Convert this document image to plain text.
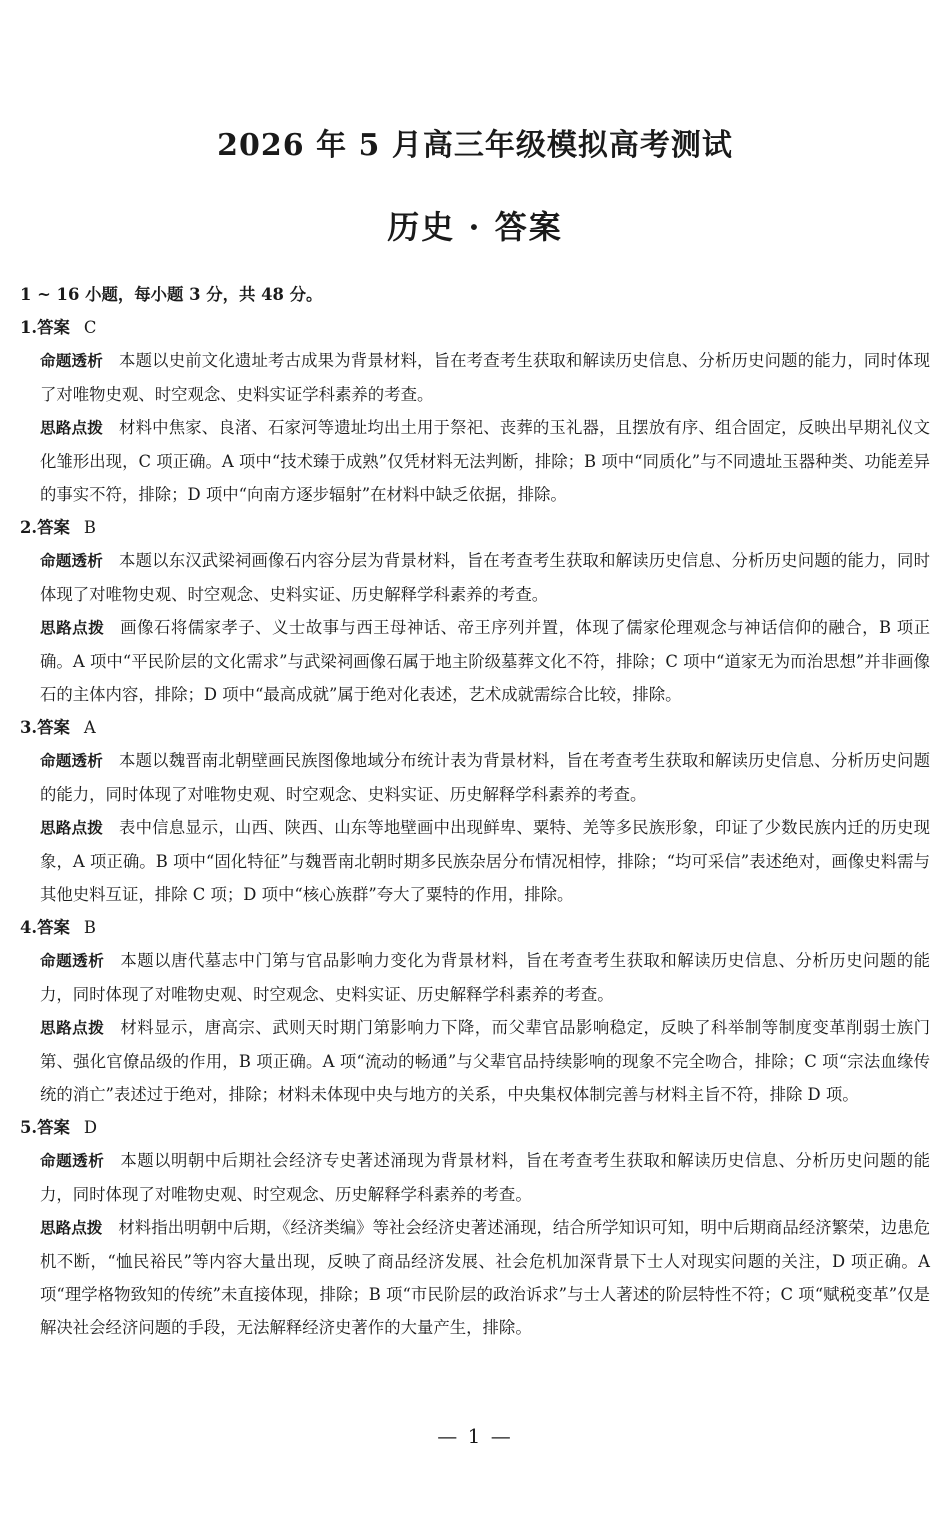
2026 年 5 月高三年级模拟高考测试
历史 · 答案

1 ~ 16 小题，每小题 3 分，共 48 分。

1.答案 C

命题透析 本题以史前文化遗址考古成果为背景材料，旨在考查考生获取和解读历史信息、分析历史问题的能力，同时体现了对唯物史观、时空观念、史料实证学科素养的考查。

思路点拨 材料中焦家、良渚、石家河等遗址均出土用于祭祀、丧葬的玉礼器，且摆放有序、组合固定，反映出早期礼仪文化雏形出现，C 项正确。A 项中“技术臻于成熟”仅凭材料无法判断，排除；B 项中“同质化”与不同遗址玉器种类、功能差异的事实不符，排除；D 项中“向南方逐步辐射”在材料中缺乏依据，排除。

2.答案 B

命题透析 本题以东汉武梁祠画像石内容分层为背景材料，旨在考查考生获取和解读历史信息、分析历史问题的能力，同时体现了对唯物史观、时空观念、史料实证、历史解释学科素养的考查。

思路点拨 画像石将儒家孝子、义士故事与西王母神话、帝王序列并置，体现了儒家伦理观念与神话信仰的融合，B 项正确。A 项中“平民阶层的文化需求”与武梁祠画像石属于地主阶级墓葬文化不符，排除；C 项中“道家无为而治思想”并非画像石的主体内容，排除；D 项中“最高成就”属于绝对化表述，艺术成就需综合比较，排除。

3.答案 A

命题透析 本题以魏晋南北朝壁画民族图像地域分布统计表为背景材料，旨在考查考生获取和解读历史信息、分析历史问题的能力，同时体现了对唯物史观、时空观念、史料实证、历史解释学科素养的考查。

思路点拨 表中信息显示，山西、陕西、山东等地壁画中出现鲜卑、粟特、羌等多民族形象，印证了少数民族内迁的历史现象，A 项正确。B 项中“固化特征”与魏晋南北朝时期多民族杂居分布情况相悖，排除；“均可采信”表述绝对，画像史料需与其他史料互证，排除 C 项；D 项中“核心族群”夸大了粟特的作用，排除。

4.答案 B

命题透析 本题以唐代墓志中门第与官品影响力变化为背景材料，旨在考查考生获取和解读历史信息、分析历史问题的能力，同时体现了对唯物史观、时空观念、史料实证、历史解释学科素养的考查。

思路点拨 材料显示，唐高宗、武则天时期门第影响力下降，而父辈官品影响稳定，反映了科举制等制度变革削弱士族门第、强化官僚品级的作用，B 项正确。A 项“流动的畅通”与父辈官品持续影响的现象不完全吻合，排除；C 项“宗法血缘传统的消亡”表述过于绝对，排除；材料未体现中央与地方的关系，中央集权体制完善与材料主旨不符，排除 D 项。

5.答案 D

命题透析 本题以明朝中后期社会经济专史著述涌现为背景材料，旨在考查考生获取和解读历史信息、分析历史问题的能力，同时体现了对唯物史观、时空观念、历史解释学科素养的考查。

思路点拨 材料指出明朝中后期，《经济类编》等社会经济史著述涌现，结合所学知识可知，明中后期商品经济繁荣，边患危机不断，“恤民裕民”等内容大量出现，反映了商品经济发展、社会危机加深背景下士人对现实问题的关注，D 项正确。A 项“理学格物致知的传统”未直接体现，排除；B 项“市民阶层的政治诉求”与士人著述的阶层特性不符；C 项“赋税变革”仅是解决社会经济问题的手段，无法解释经济史著作的大量产生，排除。

— 1 —
